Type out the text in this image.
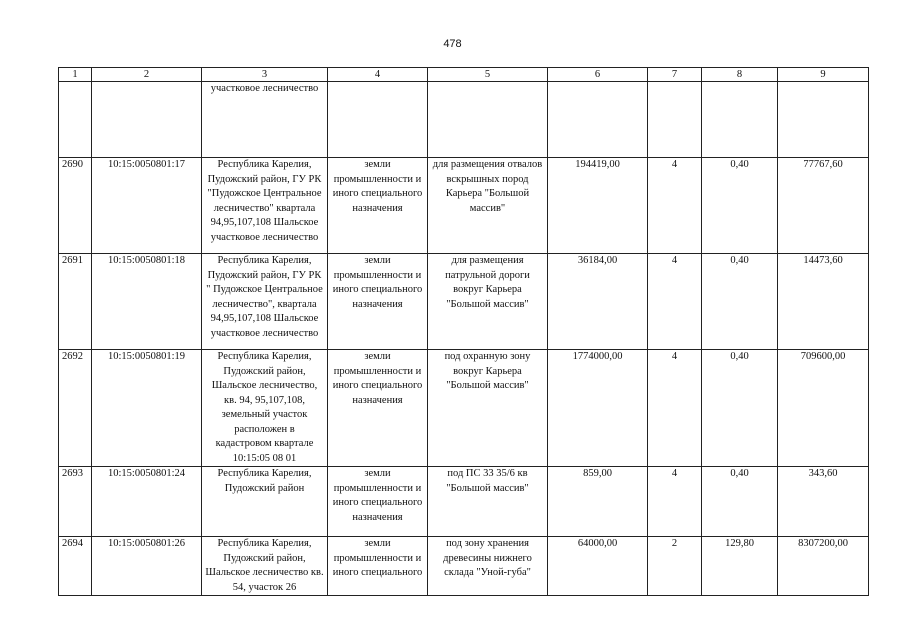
478
1	2	3	4	5	6	7	8	9
		участковое лесничество						
2690	10:15:0050801:17	Республика Карелия, Пудожский район, ГУ РК "Пудожское Центральное лесничество" квартала 94,95,107,108 Шальское участковое лесничество	земли промышленности и иного специального назначения	для размещения отвалов вскрышных пород Карьера "Большой массив"	194419,00	4	0,40	77767,60
2691	10:15:0050801:18	Республика Карелия, Пудожский район, ГУ РК " Пудожское Центральное лесничество", квартала 94,95,107,108 Шальское участковое лесничество	земли промышленности и иного специального назначения	для размещения патрульной дороги вокруг Карьера "Большой массив"	36184,00	4	0,40	14473,60
2692	10:15:0050801:19	Республика Карелия, Пудожский район, Шальское лесничество, кв. 94, 95,107,108, земельный участок расположен в кадастровом квартале 10:15:05 08 01	земли промышленности и иного специального назначения	под охранную зону вокруг Карьера "Большой массив"	1774000,00	4	0,40	709600,00
2693	10:15:0050801:24	Республика Карелия, Пудожский район	земли промышленности и иного специального назначения	под ПС 33 35/6 кв "Большой массив"	859,00	4	0,40	343,60
2694	10:15:0050801:26	Республика Карелия, Пудожский район, Шальское лесничество кв. 54, участок 26	земли промышленности и иного специального	под зону хранения древесины нижнего склада "Уной-губа"	64000,00	2	129,80	8307200,00
